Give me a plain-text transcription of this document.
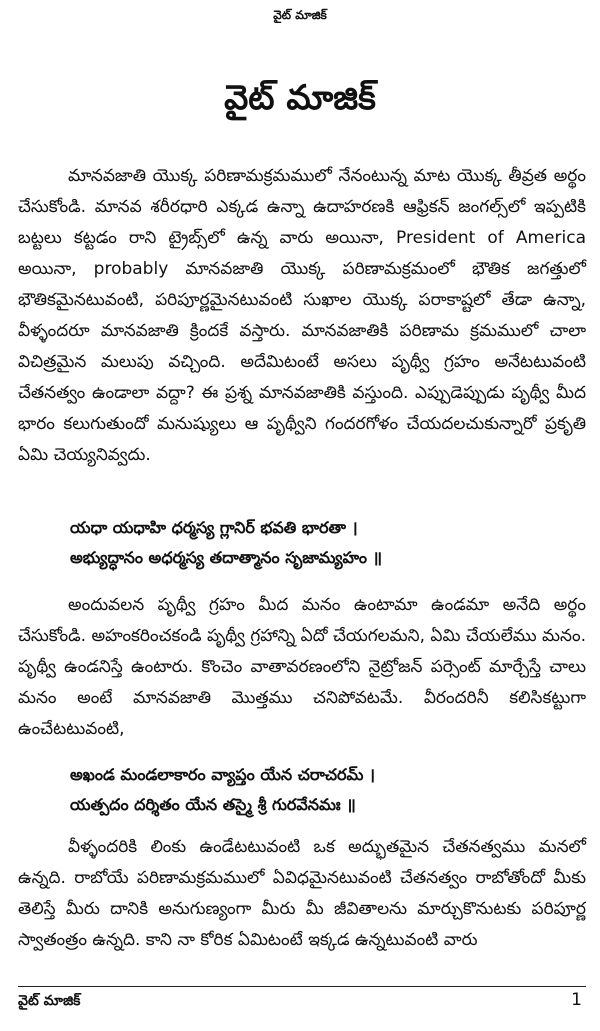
వైట్ మాజిక్
వైట్ మాజిక్

మానవజాతి యొక్క పరిణామక్రమములో నేనంటున్న మాట యొక్క తీవ్రత అర్థం చేసుకోండి. మానవ శరీరధారి ఎక్కడ ఉన్నా ఉదాహరణకి ఆఫ్రికన్ జంగల్స్‌లో ఇప్పటికి బట్టలు కట్టడం రాని ట్రైబ్స్‌లో ఉన్న వారు అయినా, President of America అయినా, probably మానవజాతి యొక్క పరిణామక్రమంలో భౌతిక జగత్తులో భౌతికమైనటువంటి, పరిపూర్ణమైనటువంటి సుఖాల యొక్క పరాకాష్టలో తేడా ఉన్నా, వీళ్ళందరూ మానవజాతి క్రిందకే వస్తారు. మానవజాతికి పరిణామ క్రమములో చాలా విచిత్రమైన మలుపు వచ్చింది. అదేమిటంటే అసలు పృథ్వీ గ్రహం అనేటటువంటి చేతనత్వం ఉండాలా వద్దా? ఈ ప్రశ్న మానవజాతికి వస్తుంది. ఎప్పుడెప్పుడు పృథ్వీ మీద భారం కలుగుతుందో మనుష్యులు ఆ పృథ్వీని గందరగోళం చేయదలచుకున్నారో ప్రకృతి ఏమి చెయ్యనివ్వదు.

యధా యధాహి ధర్మస్య గ్లానిర్ భవతి భారతా ।
అభ్యుద్ధానం అధర్మస్య తదాత్మానం సృజామ్యహం ॥

అందువలన పృథ్వీ గ్రహం మీద మనం ఉంటామా ఉండమా అనేది అర్థం చేసుకోండి. అహంకరించకండి పృథ్వీ గ్రహాన్ని ఏదో చేయగలమని, ఏమి చేయలేము మనం. పృథ్వీ ఉండనిస్తే ఉంటారు. కొంచెం వాతావరణంలోని నైట్రోజన్ పర్సెంట్ మార్చేస్తే చాలు మనం అంటే మానవజాతి మొత్తము చనిపోవటమే. వీరందరినీ కలిసికట్టుగా ఉంచేటటువంటి,

అఖండ మండలాకారం వ్యాప్తం యేన చరాచరమ్ ।
యత్పదం దర్శితం యేన తస్మై శ్రీ గురవేనమః ॥

వీళ్ళందరికి లింకు ఉండేటటువంటి ఒక అద్భుతమైన చేతనత్వము మనలో ఉన్నది. రాబోయే పరిణామక్రమములో ఏవిధమైనటువంటి చేతనత్వం రాబోతోందో మీకు తెలిస్తే మీరు దానికి అనుగుణ్యంగా మీరు మీ జీవితాలను మార్చుకొనుటకు పరిపూర్ణ స్వాతంత్రం ఉన్నది. కాని నా కోరిక ఏమిటంటే ఇక్కడ ఉన్నటువంటి వారు

వైట్ మాజిక్	1
